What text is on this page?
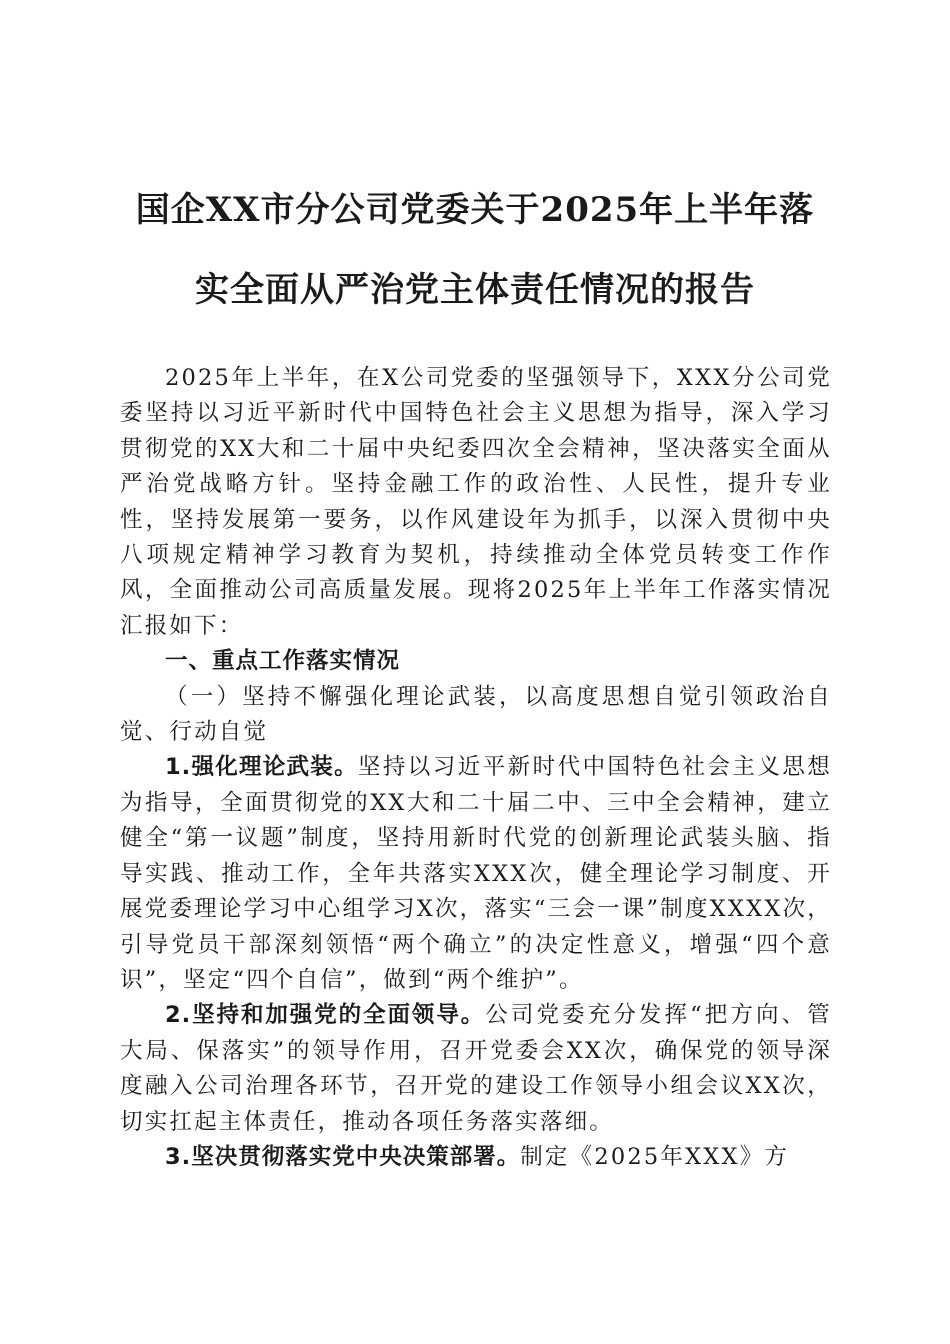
国企XX市分公司党委关于2025年上半年落
实全面从严治党主体责任情况的报告

2025年上半年，在X公司党委的坚强领导下，XXX分公司党委坚持以习近平新时代中国特色社会主义思想为指导，深入学习贯彻党的XX大和二十届中央纪委四次全会精神，坚决落实全面从严治党战略方针。坚持金融工作的政治性、人民性，提升专业性，坚持发展第一要务，以作风建设年为抓手，以深入贯彻中央八项规定精神学习教育为契机，持续推动全体党员转变工作作风，全面推动公司高质量发展。现将2025年上半年工作落实情况汇报如下：

一、重点工作落实情况

（一）坚持不懈强化理论武装，以高度思想自觉引领政治自觉、行动自觉

1.强化理论武装。坚持以习近平新时代中国特色社会主义思想为指导，全面贯彻党的XX大和二十届二中、三中全会精神，建立健全“第一议题”制度，坚持用新时代党的创新理论武装头脑、指导实践、推动工作，全年共落实XXX次，健全理论学习制度、开展党委理论学习中心组学习X次，落实“三会一课”制度XXXX次，引导党员干部深刻领悟“两个确立”的决定性意义，增强“四个意识”，坚定“四个自信”，做到“两个维护”。

2.坚持和加强党的全面领导。公司党委充分发挥“把方向、管大局、保落实”的领导作用，召开党委会XX次，确保党的领导深度融入公司治理各环节，召开党的建设工作领导小组会议XX次，切实扛起主体责任，推动各项任务落实落细。

3.坚决贯彻落实党中央决策部署。制定《2025年XXX》方
